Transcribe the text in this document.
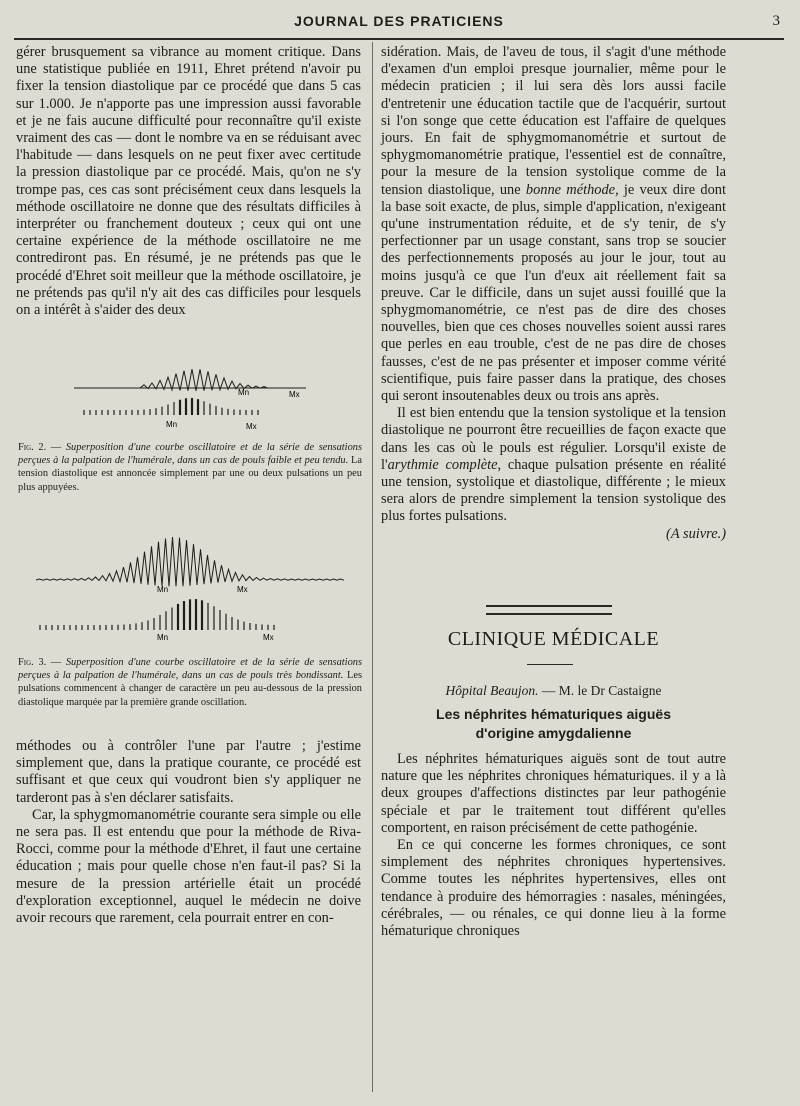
JOURNAL DES PRATICIENS	3

gérer brusquement sa vibrance au moment critique. Dans une statistique publiée en 1911, Ehret prétend n'avoir pu fixer la tension diastolique par ce procédé que dans 5 cas sur 1.000. Je n'apporte pas une impression aussi favorable et je ne fais aucune difficulté pour reconnaître qu'il existe vraiment des cas — dont le nombre va en se réduisant avec l'habitude — dans lesquels on ne peut fixer avec certitude la pression diastolique par ce procédé. Mais, qu'on ne s'y trompe pas, ces cas sont précisément ceux dans lesquels la méthode oscillatoire ne donne que des résultats difficiles à interpréter ou franchement douteux ; ceux qui ont une certaine expérience de la méthode oscillatoire ne me contrediront pas. En résumé, je ne prétends pas que le procédé d'Ehret soit meilleur que la méthode oscillatoire, je ne prétends pas qu'il n'y ait des cas difficiles pour lesquels on a intérêt à s'aider des deux

Mn	Mx
Mn	Mx
Fig. 2. — Superposition d'une courbe oscillatoire et de la série de sensations perçues à la palpation de l'humérale, dans un cas de pouls faible et peu tendu. La tension diastolique est annoncée simplement par une ou deux pulsations un peu plus appuyées.
Mn	Mx
Mn	Mx
Fig. 3. — Superposition d'une courbe oscillatoire et de la série de sensations perçues à la palpation de l'humérale, dans un cas de pouls très bondissant. Les pulsations commencent à changer de caractère un peu au-dessous de la pression diastolique marquée par la première grande oscillation.

méthodes ou à contrôler l'une par l'autre ; j'estime simplement que, dans la pratique courante, ce procédé est suffisant et que ceux qui voudront bien s'y appliquer ne tarderont pas à s'en déclarer satisfaits.

Car, la sphygmomanométrie courante sera simple ou elle ne sera pas. Il est entendu que pour la méthode de Riva-Rocci, comme pour la méthode d'Ehret, il faut une certaine éducation ; mais pour quelle chose n'en faut-il pas? Si la mesure de la pression artérielle était un procédé d'exploration exceptionnel, auquel le médecin ne doive avoir recours que rarement, cela pourrait entrer en con-

sidération. Mais, de l'aveu de tous, il s'agit d'une méthode d'examen d'un emploi presque journalier, même pour le médecin praticien ; il lui sera dès lors aussi facile d'entretenir une éducation tactile que de l'acquérir, surtout si l'on songe que cette éducation est l'affaire de quelques jours. En fait de sphygmomanométrie et surtout de sphygmomanométrie pratique, l'essentiel est de connaître, pour la mesure de la tension systolique comme de la tension diastolique, une bonne méthode, je veux dire dont la base soit exacte, de plus, simple d'application, n'exigeant qu'une instrumentation réduite, et de s'y tenir, de s'y perfectionner par un usage constant, sans trop se soucier des perfectionnements proposés au jour le jour, tout au moins jusqu'à ce que l'un d'eux ait réellement fait sa preuve. Car le difficile, dans un sujet aussi fouillé que la sphygmomanométrie, ce n'est pas de dire des choses nouvelles, bien que ces choses nouvelles soient aussi rares que perles en eau trouble, c'est de ne pas dire de choses fausses, c'est de ne pas présenter et imposer comme vérité scientifique, puis faire passer dans la pratique, des choses qui seront insoutenables deux ou trois ans après.

Il est bien entendu que la tension systolique et la tension diastolique ne pourront être recueillies de façon exacte que dans les cas où le pouls est régulier. Lorsqu'il existe de l'arythmie complète, chaque pulsation présente en réalité une tension, systolique et diastolique, différente ; le mieux sera alors de prendre simplement la tension systolique des plus fortes pulsations.

(A suivre.)

CLINIQUE MÉDICALE
Hôpital Beaujon. — M. le Dr Castaigne
Les néphrites hématuriques aiguës
d'origine amygdalienne

Les néphrites hématuriques aiguës sont de tout autre nature que les néphrites chroniques hématuriques. il y a là deux groupes d'affections distinctes par leur pathogénie spéciale et par le traitement tout différent qu'elles comportent, en raison précisément de cette pathogénie.

En ce qui concerne les formes chroniques, ce sont simplement des néphrites chroniques hypertensives. Comme toutes les néphrites hypertensives, elles ont tendance à produire des hémorragies : nasales, méningées, cérébrales, — ou rénales, ce qui donne lieu à la forme hématurique chroniques
